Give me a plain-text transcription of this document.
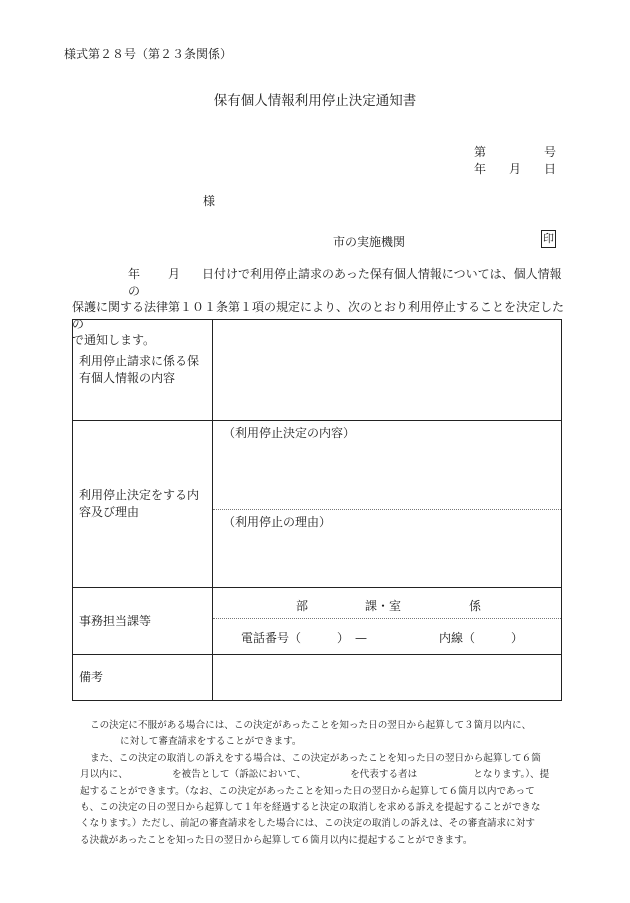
様式第２８号（第２３条関係）
保有個人情報利用停止決定通知書
第	号
年 月 日
様
市の実施機関	印
年 月 日付けで利用停止請求のあった保有個人情報については、個人情報の
保護に関する法律第１０１条第１項の規定により、次のとおり利用停止することを決定したの
で通知します。
利用停止請求に係る保有個人情報の内容	

利用停止決定をする内容及び理由	（利用停止決定の内容）
（利用停止の理由）

事務担当課等	部 課・室 係
電話番号（　　　）　— 内線（　　　）

備考	

この決定に不服がある場合には、この決定があったことを知った日の翌日から起算して３箇月以内に、

に対して審査請求をすることができます。

また、この決定の取消しの訴えをする場合は、この決定があったことを知った日の翌日から起算して６箇

月以内に、	を被告として（訴訟において、	を代表する者は	となります。）、提

起することができます。（なお、この決定があったことを知った日の翌日から起算して６箇月以内であって

も、この決定の日の翌日から起算して１年を経過すると決定の取消しを求める訴えを提起することができな

くなります。）ただし、前記の審査請求をした場合には、この決定の取消しの訴えは、その審査請求に対す

る決裁があったことを知った日の翌日から起算して６箇月以内に提起することができます。
